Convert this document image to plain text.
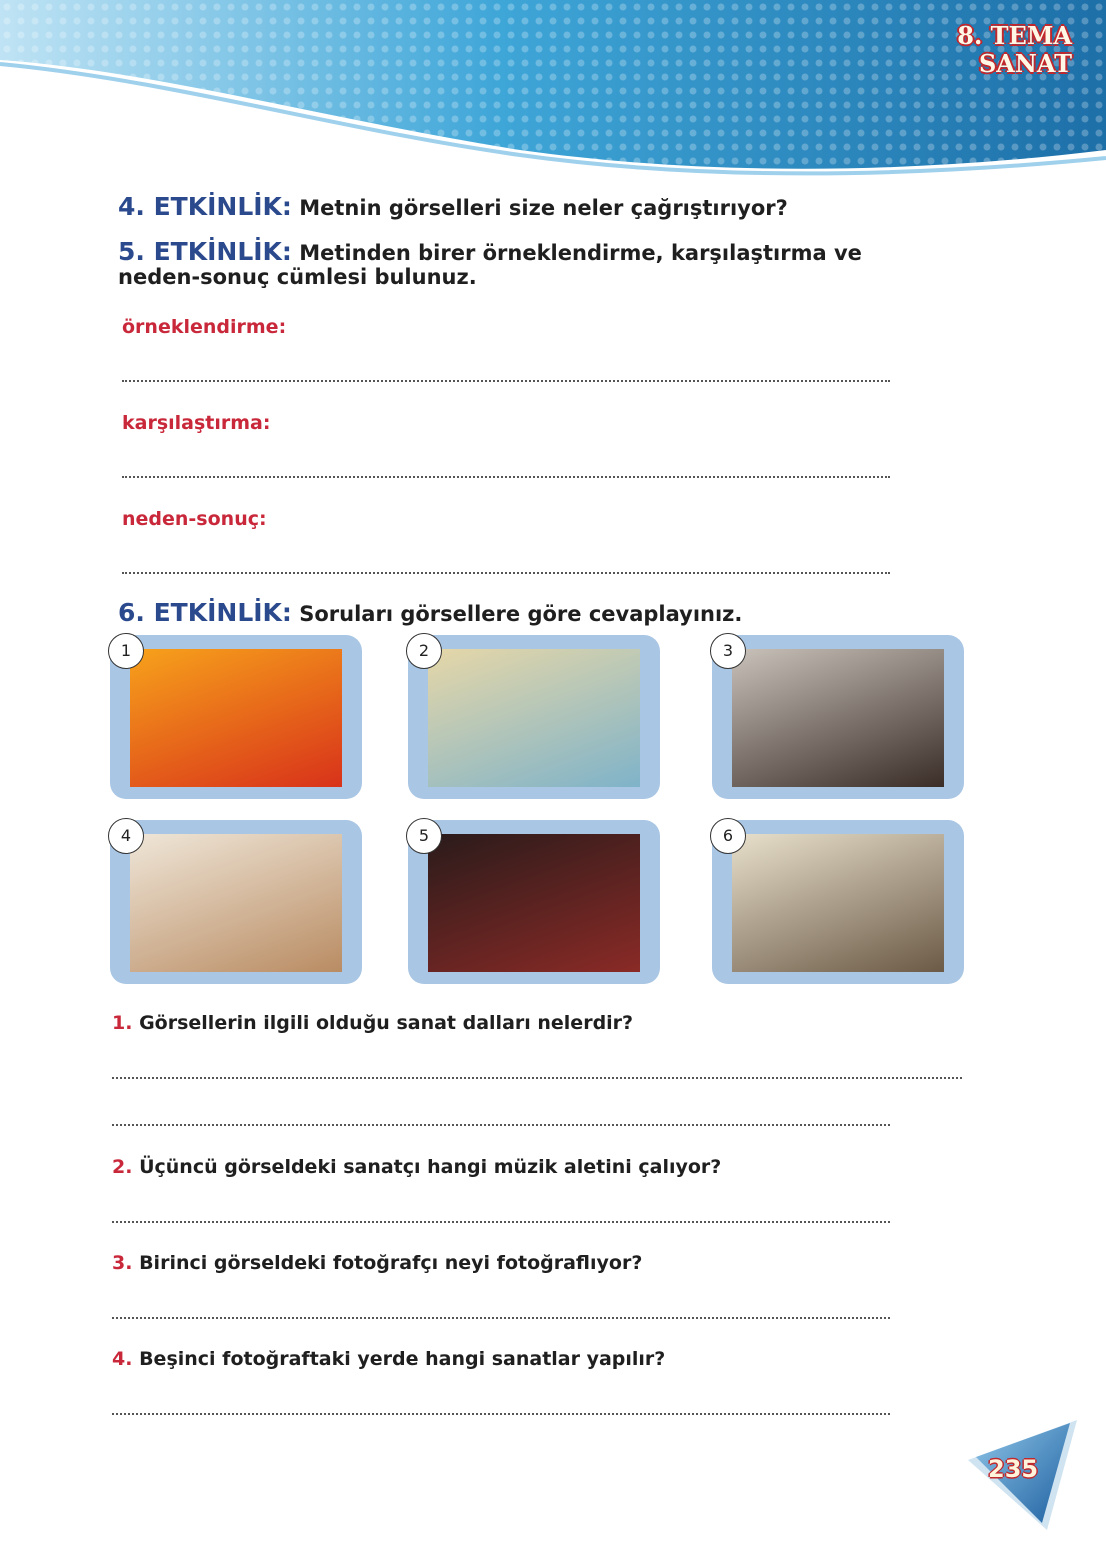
8. TEMA
SANAT
4. ETKİNLİK: Metnin görselleri size neler çağrıştırıyor?
5. ETKİNLİK: Metinden birer örneklendirme, karşılaştırma ve
neden-sonuç cümlesi bulunuz.
örneklendirme:
karşılaştırma:
neden-sonuç:
6. ETKİNLİK: Soruları görsellere göre cevaplayınız.
1	2	3
4	5	6
1. Görsellerin ilgili olduğu sanat dalları nelerdir?
2. Üçüncü görseldeki sanatçı hangi müzik aletini çalıyor?
3. Birinci görseldeki fotoğrafçı neyi fotoğraflıyor?
4. Beşinci fotoğraftaki yerde hangi sanatlar yapılır?
235
